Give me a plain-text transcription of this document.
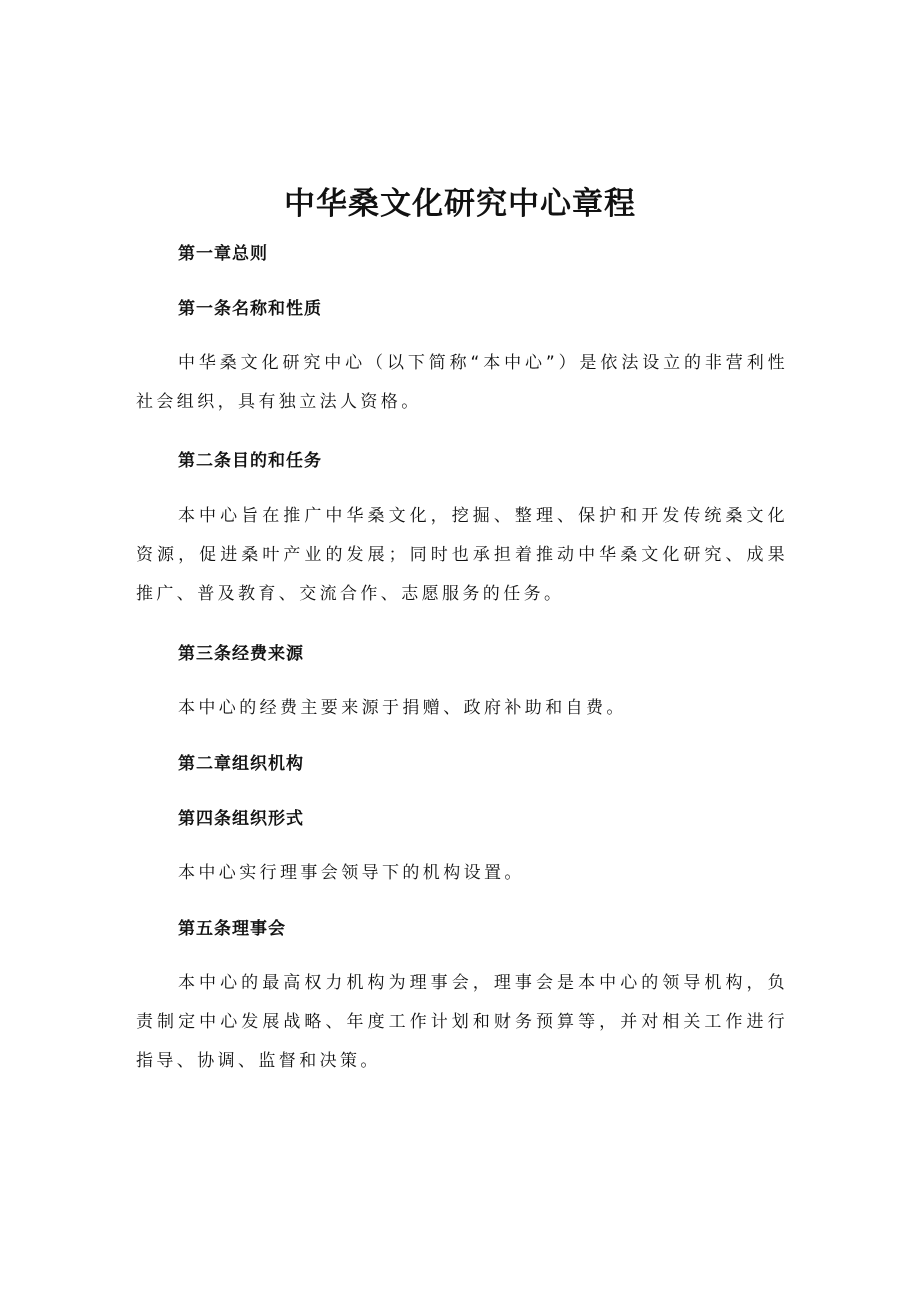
中华桑文化研究中心章程
第一章总则
第一条名称和性质

中华桑文化研究中心（以下简称“本中心”）是依法设立的非营利性社会组织，具有独立法人资格。

第二条目的和任务

本中心旨在推广中华桑文化，挖掘、整理、保护和开发传统桑文化资源，促进桑叶产业的发展；同时也承担着推动中华桑文化研究、成果推广、普及教育、交流合作、志愿服务的任务。

第三条经费来源

本中心的经费主要来源于捐赠、政府补助和自费。

第二章组织机构
第四条组织形式

本中心实行理事会领导下的机构设置。

第五条理事会

本中心的最高权力机构为理事会，理事会是本中心的领导机构，负责制定中心发展战略、年度工作计划和财务预算等，并对相关工作进行指导、协调、监督和决策。
